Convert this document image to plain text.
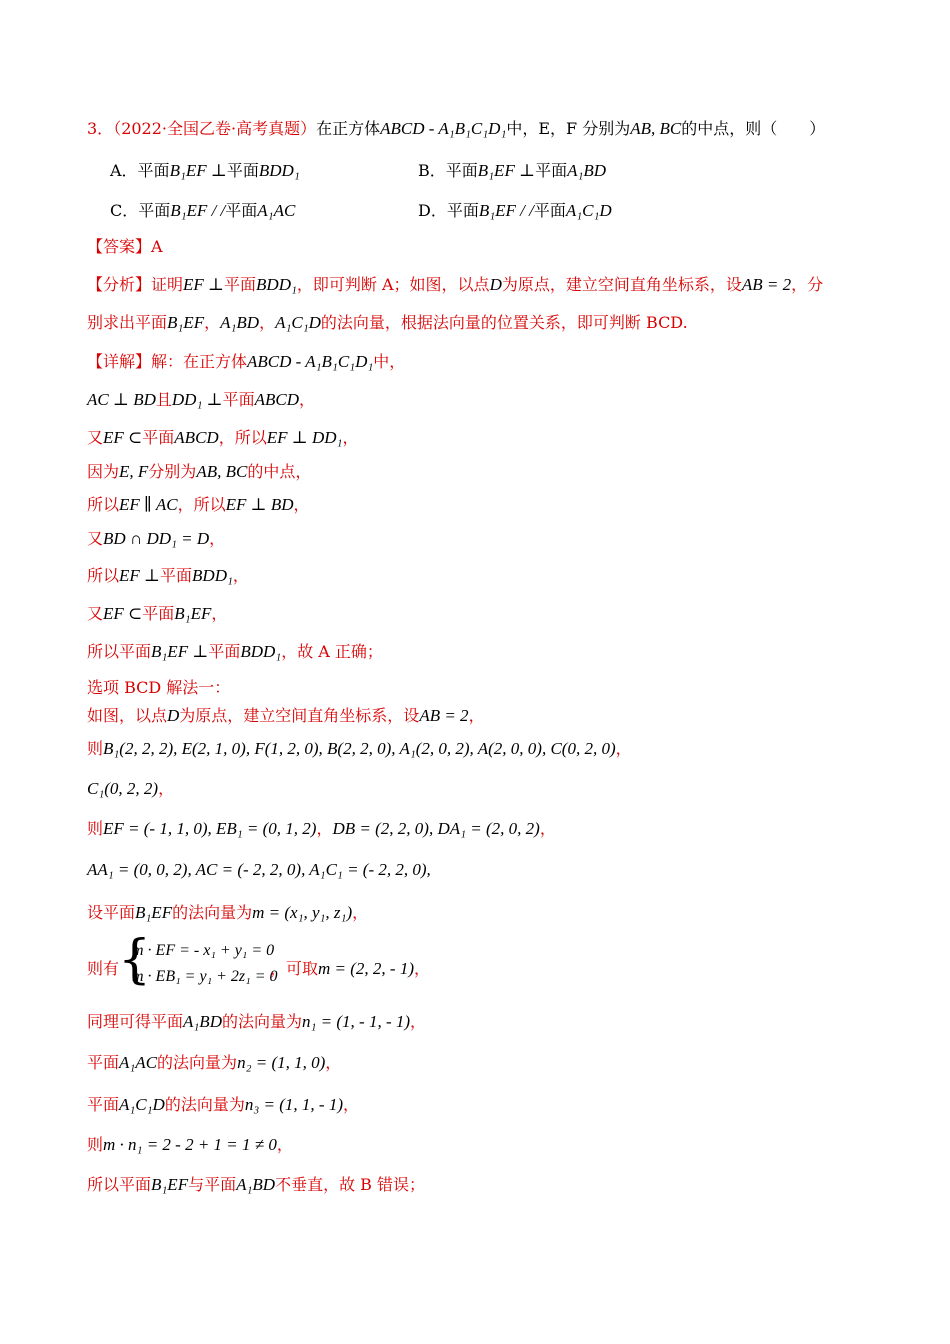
3．（2022·全国乙卷·高考真题）在正方体ABCD - A₁B₁C₁D₁中，E，F 分别为AB, BC的中点，则（　　）
A．平面B₁EF ⊥平面BDD₁	B．平面B₁EF ⊥平面A₁BD
C．平面B₁EF / /平面A₁AC	D．平面B₁EF / /平面A₁C₁D
【答案】A
【分析】证明EF ⊥平面BDD₁，即可判断 A；如图，以点D为原点，建立空间直角坐标系，设AB = 2，分
别求出平面B₁EF，A₁BD，A₁C₁D的法向量，根据法向量的位置关系，即可判断 BCD.
【详解】解：在正方体ABCD - A₁B₁C₁D₁中，
AC ⊥ BD且DD₁ ⊥平面ABCD，
又EF ⊂平面ABCD，所以EF ⊥ DD₁，
因为E, F分别为AB, BC的中点，
所以EF ∥ AC，所以EF ⊥ BD，
又BD ∩ DD₁ = D，
所以EF ⊥平面BDD₁，
又EF ⊂平面B₁EF，
所以平面B₁EF ⊥平面BDD₁，故 A 正确；
选项 BCD 解法一：
如图，以点D为原点，建立空间直角坐标系，设AB = 2，
则B₁(2, 2, 2), E(2, 1, 0), F(1, 2, 0), B(2, 2, 0), A₁(2, 0, 2), A(2, 0, 0), C(0, 2, 0)，
C₁(0, 2, 2)，
则EF = (- 1, 1, 0), EB₁ = (0, 1, 2)，DB = (2, 2, 0), DA₁ = (2, 0, 2)，
AA₁ = (0, 0, 2), AC = (- 2, 2, 0), A₁C₁ = (- 2, 2, 0),
设平面B₁EF的法向量为m = (x₁, y₁, z₁)，
则有
{
m · EF = - x₁ + y₁ = 0
m · EB₁ = y₁ + 2z₁ = 0
，可取m = (2, 2, - 1)，
同理可得平面A₁BD的法向量为n₁ = (1, - 1, - 1)，
平面A₁AC的法向量为n₂ = (1, 1, 0)，
平面A₁C₁D的法向量为n₃ = (1, 1, - 1)，
则m · n₁ = 2 - 2 + 1 = 1 ≠ 0，
所以平面B₁EF与平面A₁BD不垂直，故 B 错误；
